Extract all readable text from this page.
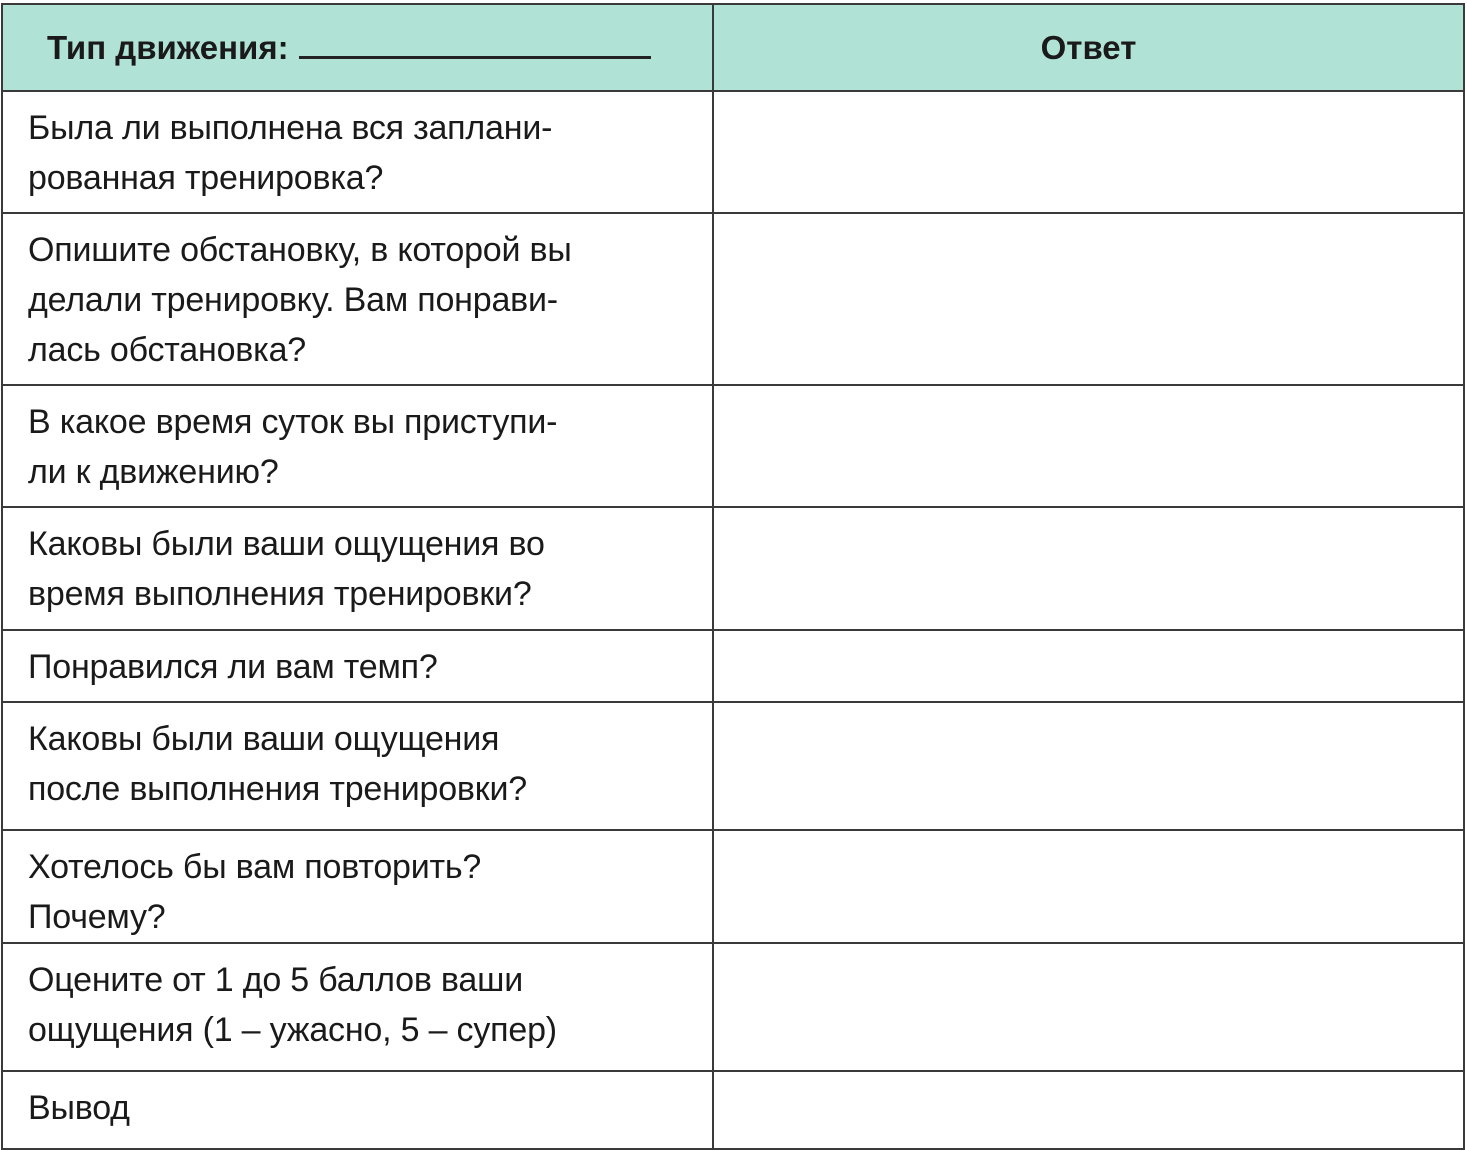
Тип движения:	Ответ

Была ли выполнена вся заплани-
рованная тренировка?	

Опишите обстановку, в которой вы
делали тренировку. Вам понрави-
лась обстановка?	

В какое время суток вы приступи-
ли к движению?	

Каковы были ваши ощущения во
время выполнения тренировки?	

Понравился ли вам темп?	

Каковы были ваши ощущения
после выполнения тренировки?	

Хотелось бы вам повторить?
Почему?	

Оцените от 1 до 5 баллов ваши
ощущения (1 – ужасно, 5 – супер)	

Вывод	
